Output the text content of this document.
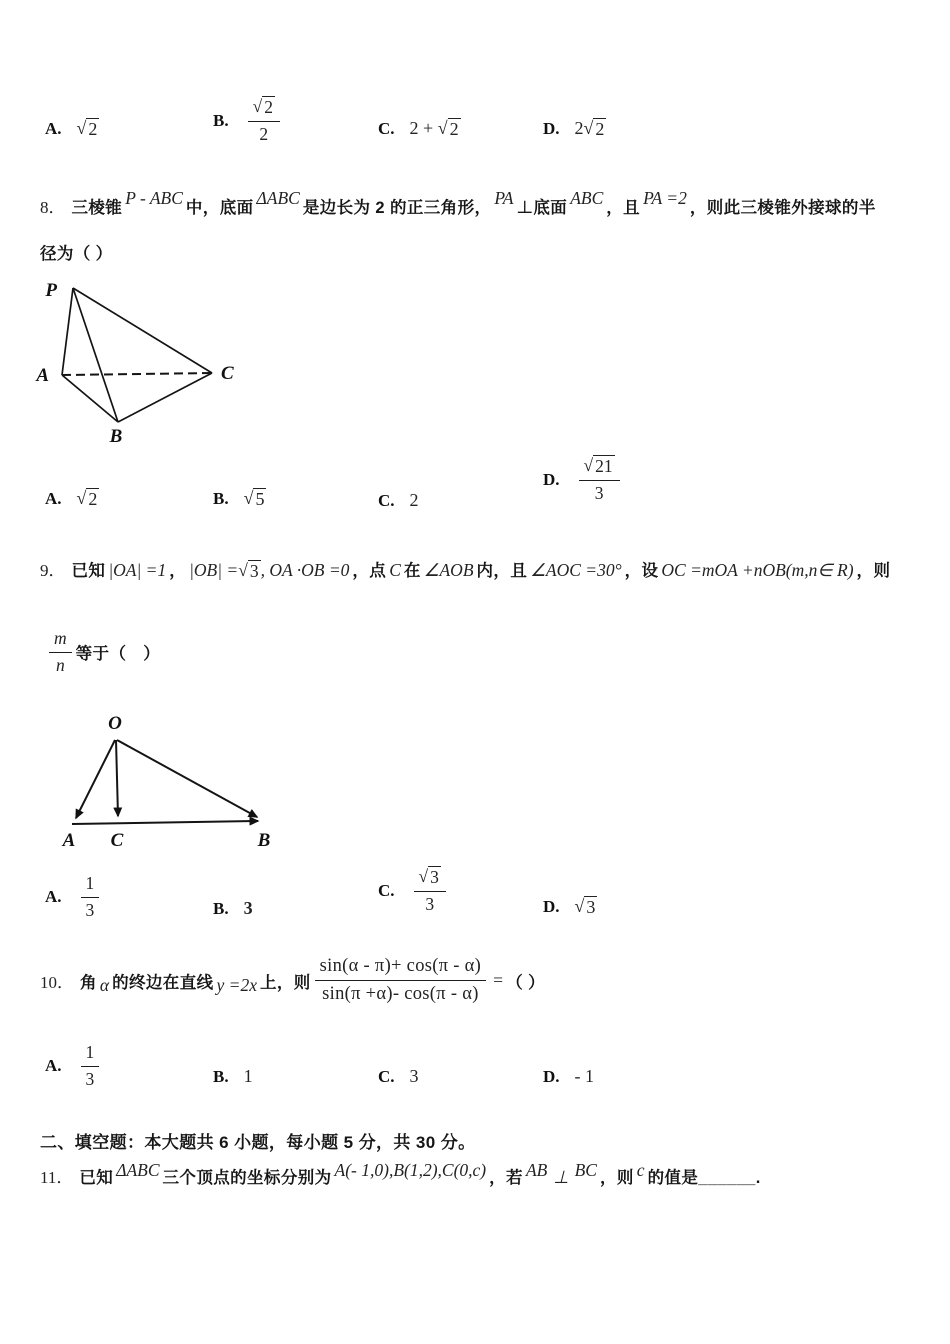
A. √ 2	B. $\frac{√ 2}{2}$	C. 2 + √ 2	D. 2 √ 2
8． 三棱锥 P - ABC 中，底面 ΔABC 是边长为 2 的正三角形， PA ⊥底面 ABC ，且 PA =2 ，则此三棱锥外接球的半
径为（ ）
P
A	C
B
A. √ 2	B. √ 5	C. 2
D. $\frac{√ 21}{3}$
9． 已知 |OA| =1 ， |OB| = √ 3 , OA ·OB =0 ，点 C 在 ∠AOB 内，且 ∠AOC =30° ，设 OC =mOA +nOB(m,n∈ R) ，则
$\frac{m}{n}$ 等于（　）
O
A C	B
A. $\frac{1}{3}$	B. 3
C. $\frac{√ 3}{3}$	D. √ 3
10． 角 α 的终边在直线 y =2x 上，则 $\frac{\sin(\alpha - \pi)+ \cos(\pi - \alpha)}{\sin(\pi +\alpha)- \cos(\pi - \alpha)}$ = （ ）
A. $\frac{1}{3}$	B. 1	C. 3	D. - 1
二、填空题：本大题共 6 小题，每小题 5 分，共 30 分。
11． 已知 ΔABC 三个顶点的坐标分别为 A(- 1,0),B(1,2),C(0,c) ，若 AB ⊥ BC ，则 c 的值是______.
